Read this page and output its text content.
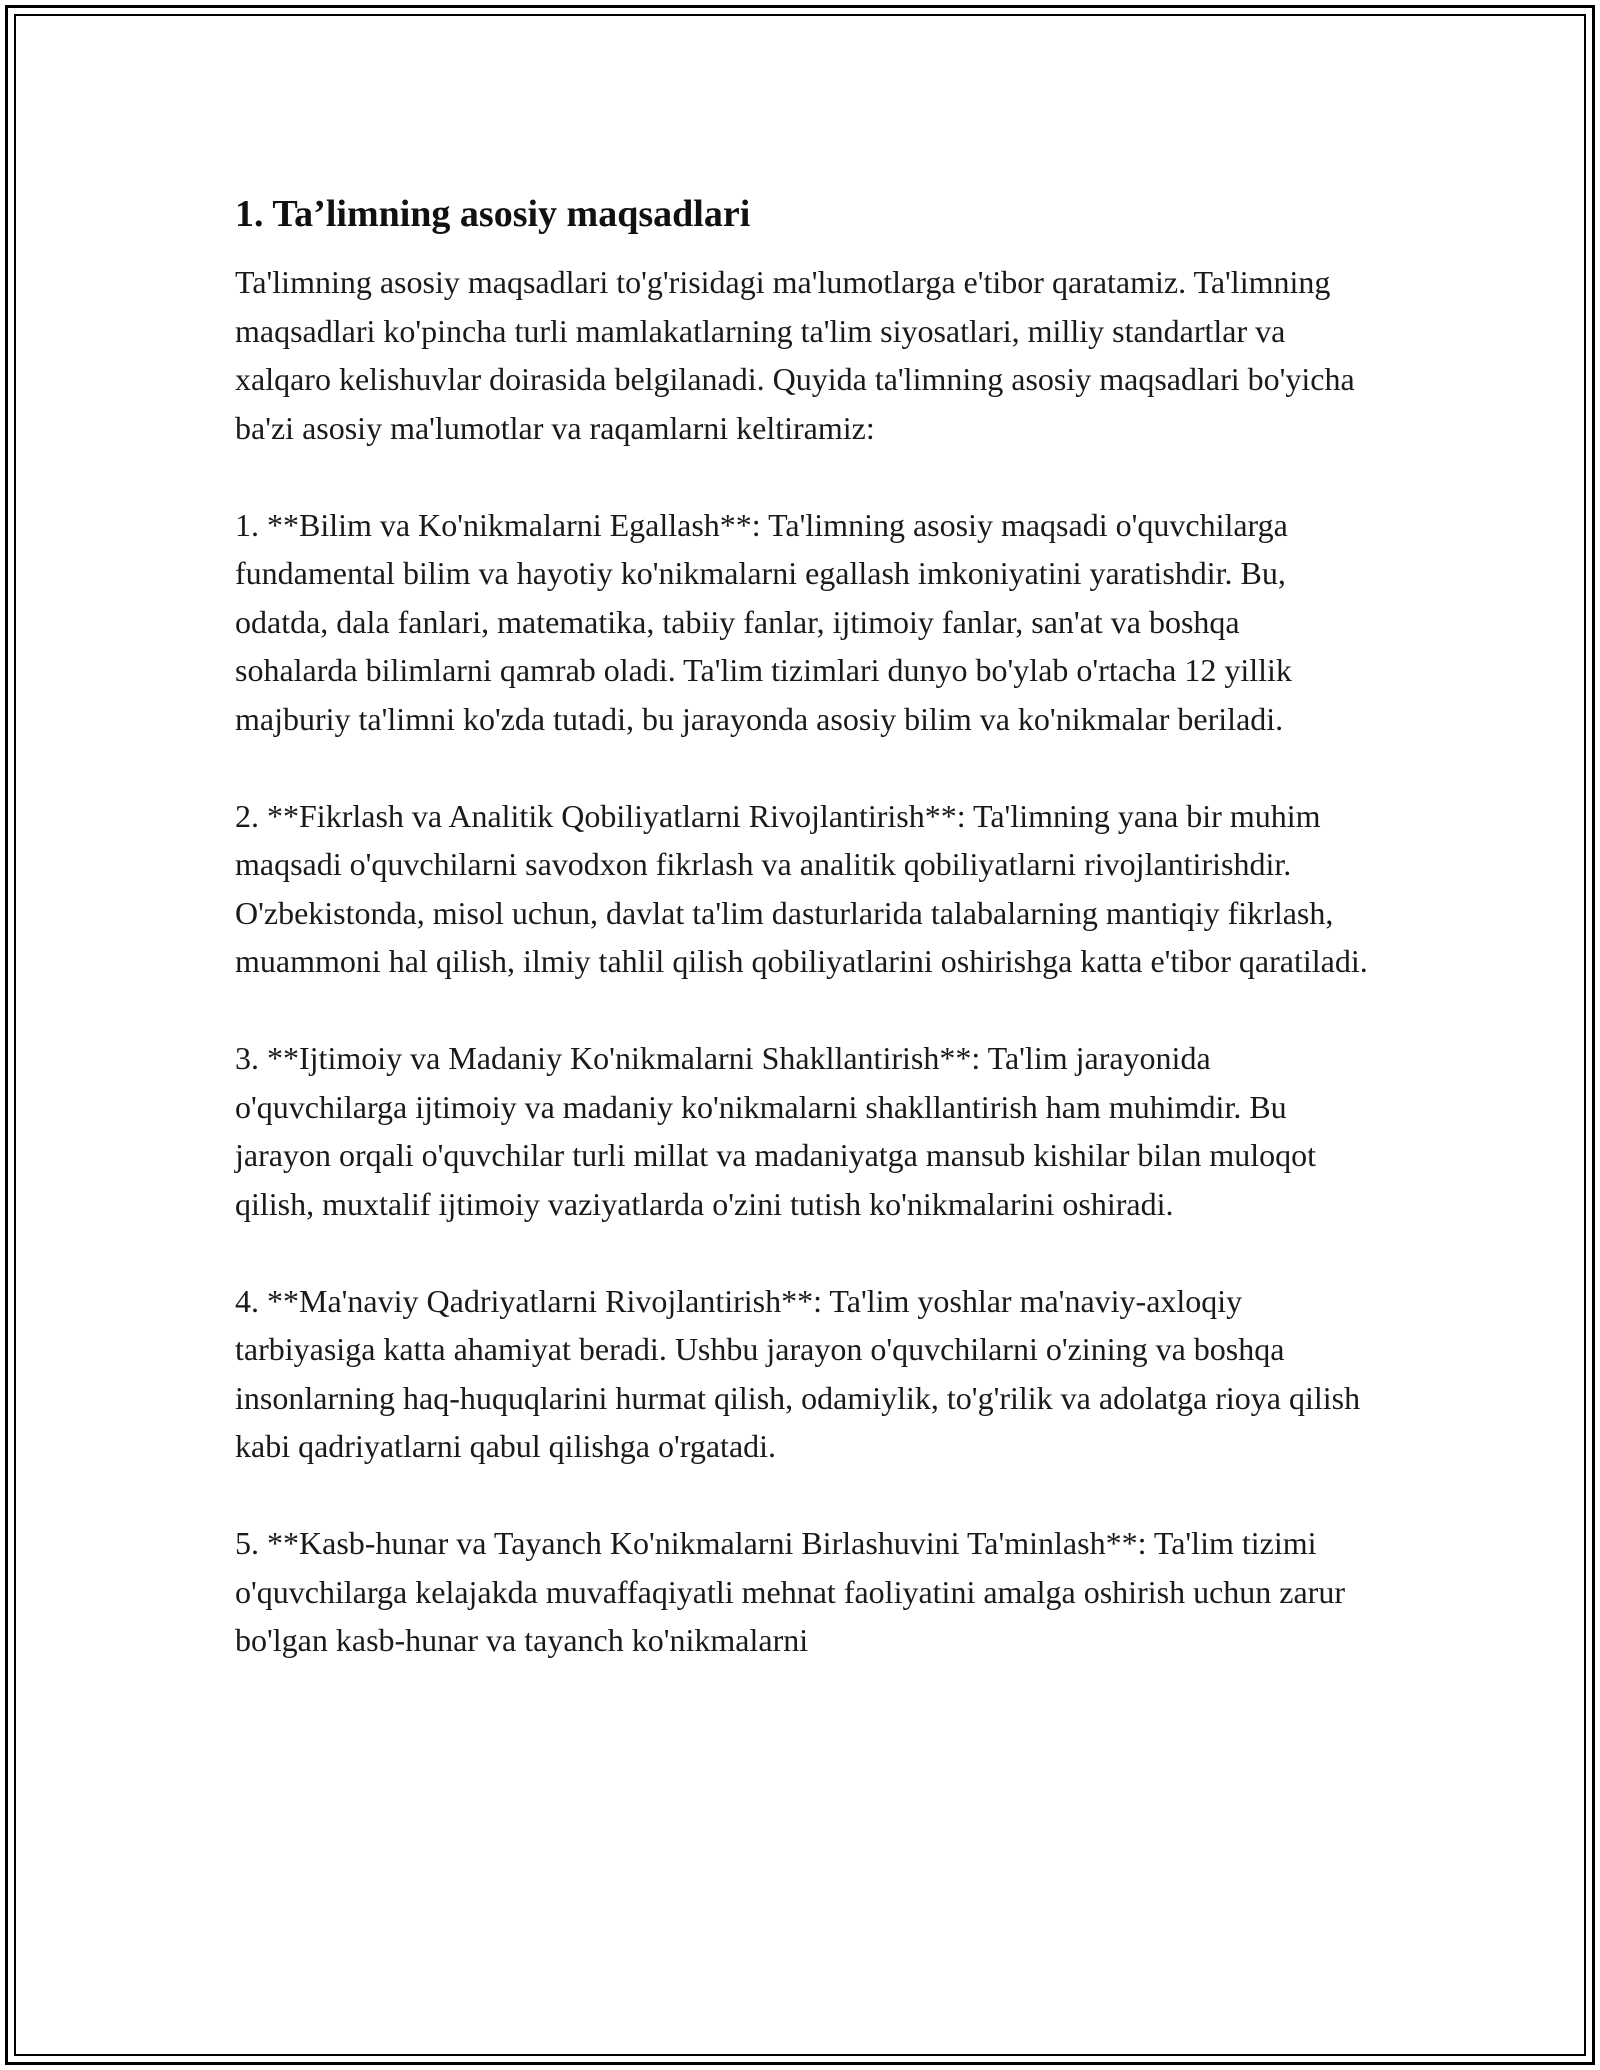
1. Ta’limning asosiy maqsadlari

Ta'limning asosiy maqsadlari to'g'risidagi ma'lumotlarga e'tibor qaratamiz. Ta'limning maqsadlari ko'pincha turli mamlakatlarning ta'lim siyosatlari, milliy standartlar va xalqaro kelishuvlar doirasida belgilanadi. Quyida ta'limning asosiy maqsadlari bo'yicha ba'zi asosiy ma'lumotlar va raqamlarni keltiramiz:

1. **Bilim va Ko'nikmalarni Egallash**: Ta'limning asosiy maqsadi o'quvchilarga fundamental bilim va hayotiy ko'nikmalarni egallash imkoniyatini yaratishdir. Bu, odatda, dala fanlari, matematika, tabiiy fanlar, ijtimoiy fanlar, san'at va boshqa sohalarda bilimlarni qamrab oladi. Ta'lim tizimlari dunyo bo'ylab o'rtacha 12 yillik majburiy ta'limni ko'zda tutadi, bu jarayonda asosiy bilim va ko'nikmalar beriladi.

2. **Fikrlash va Analitik Qobiliyatlarni Rivojlantirish**: Ta'limning yana bir muhim maqsadi o'quvchilarni savodxon fikrlash va analitik qobiliyatlarni rivojlantirishdir. O'zbekistonda, misol uchun, davlat ta'lim dasturlarida talabalarning mantiqiy fikrlash, muammoni hal qilish, ilmiy tahlil qilish qobiliyatlarini oshirishga katta e'tibor qaratiladi.

3. **Ijtimoiy va Madaniy Ko'nikmalarni Shakllantirish**: Ta'lim jarayonida o'quvchilarga ijtimoiy va madaniy ko'nikmalarni shakllantirish ham muhimdir. Bu jarayon orqali o'quvchilar turli millat va madaniyatga mansub kishilar bilan muloqot qilish, muxtalif ijtimoiy vaziyatlarda o'zini tutish ko'nikmalarini oshiradi.

4. **Ma'naviy Qadriyatlarni Rivojlantirish**: Ta'lim yoshlar ma'naviy-axloqiy tarbiyasiga katta ahamiyat beradi. Ushbu jarayon o'quvchilarni o'zining va boshqa insonlarning haq-huquqlarini hurmat qilish, odamiylik, to'g'rilik va adolatga rioya qilish kabi qadriyatlarni qabul qilishga o'rgatadi.

5. **Kasb-hunar va Tayanch Ko'nikmalarni Birlashuvini Ta'minlash**: Ta'lim tizimi o'quvchilarga kelajakda muvaffaqiyatli mehnat faoliyatini amalga oshirish uchun zarur bo'lgan kasb-hunar va tayanch ko'nikmalarni
